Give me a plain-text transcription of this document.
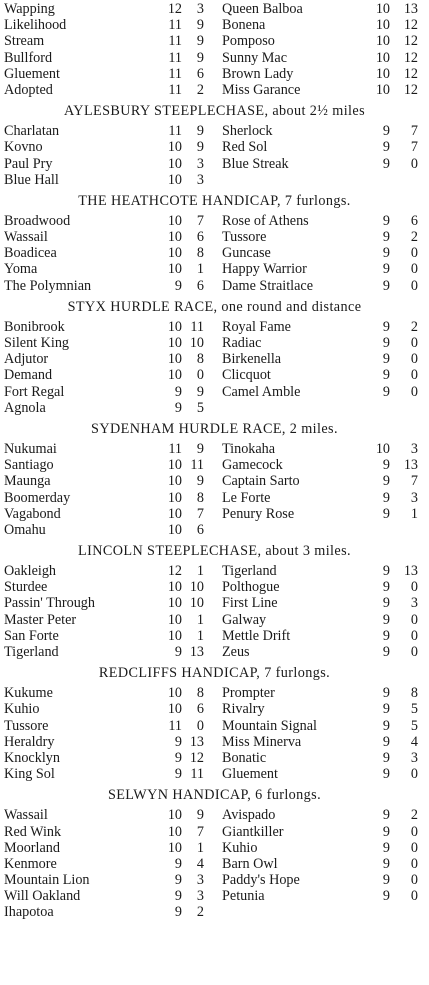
Wapping	12	3 Queen Balboa	10 13
Likelihood	11	9 Bonena	10 12
Stream	11	9 Pomposo	10 12
Bullford	11	9 Sunny Mac	10 12
Gluement	11	6 Brown Lady	10 12
Adopted	11	2 Miss Garance	10 12
AYLESBURY STEEPLECHASE, about 2½ miles
Charlatan	11	9 Sherlock	9	7
Kovno	10	9 Red Sol	9	7
Paul Pry	10	3 Blue Streak	9	0
Blue Hall	10	3
THE HEATHCOTE HANDICAP, 7 furlongs.
Broadwood	10	7 Rose of Athens	9	6
Wassail	10	6 Tussore	9	2
Boadicea	10	8 Guncase	9	0
Yoma	10	1 Happy Warrior	9	0
The Polymnian	9	6 Dame Straitlace	9	0
STYX HURDLE RACE, one round and distance
Bonibrook	10 11 Royal Fame	9	2
Silent King	10 10 Radiac	9	0
Adjutor	10	8 Birkenella	9	0
Demand	10	0 Clicquot	9	0
Fort Regal	9	9 Camel Amble	9	0
Agnola	9	5
SYDENHAM HURDLE RACE, 2 miles.
Nukumai	11	9 Tinokaha	10	3
Santiago	10 11 Gamecock	9 13
Maunga	10	9 Captain Sarto	9	7
Boomerday	10	8 Le Forte	9	3
Vagabond	10	7 Penury Rose	9	1
Omahu	10	6
LINCOLN STEEPLECHASE, about 3 miles.
Oakleigh	12	1 Tigerland	9 13
Sturdee	10 10 Polthogue	9	0
Passin' Through	10 10 First Line	9	3
Master Peter	10	1 Galway	9	0
San Forte	10	1 Mettle Drift	9	0
Tigerland	9 13 Zeus	9	0
REDCLIFFS HANDICAP, 7 furlongs.
Kukume	10	8 Prompter	9	8
Kuhio	10	6 Rivalry	9	5
Tussore	11	0 Mountain Signal	9	5
Heraldry	9 13 Miss Minerva	9	4
Knocklyn	9 12 Bonatic	9	3
King Sol	9 11 Gluement	9	0
SELWYN HANDICAP, 6 furlongs.
Wassail	10	9 Avispado	9	2
Red Wink	10	7 Giantkiller	9	0
Moorland	10	1 Kuhio	9	0
Kenmore	9	4 Barn Owl	9	0
Mountain Lion	9	3 Paddy's Hope	9	0
Will Oakland	9	3 Petunia	9	0
Ihapotoa	9	2
